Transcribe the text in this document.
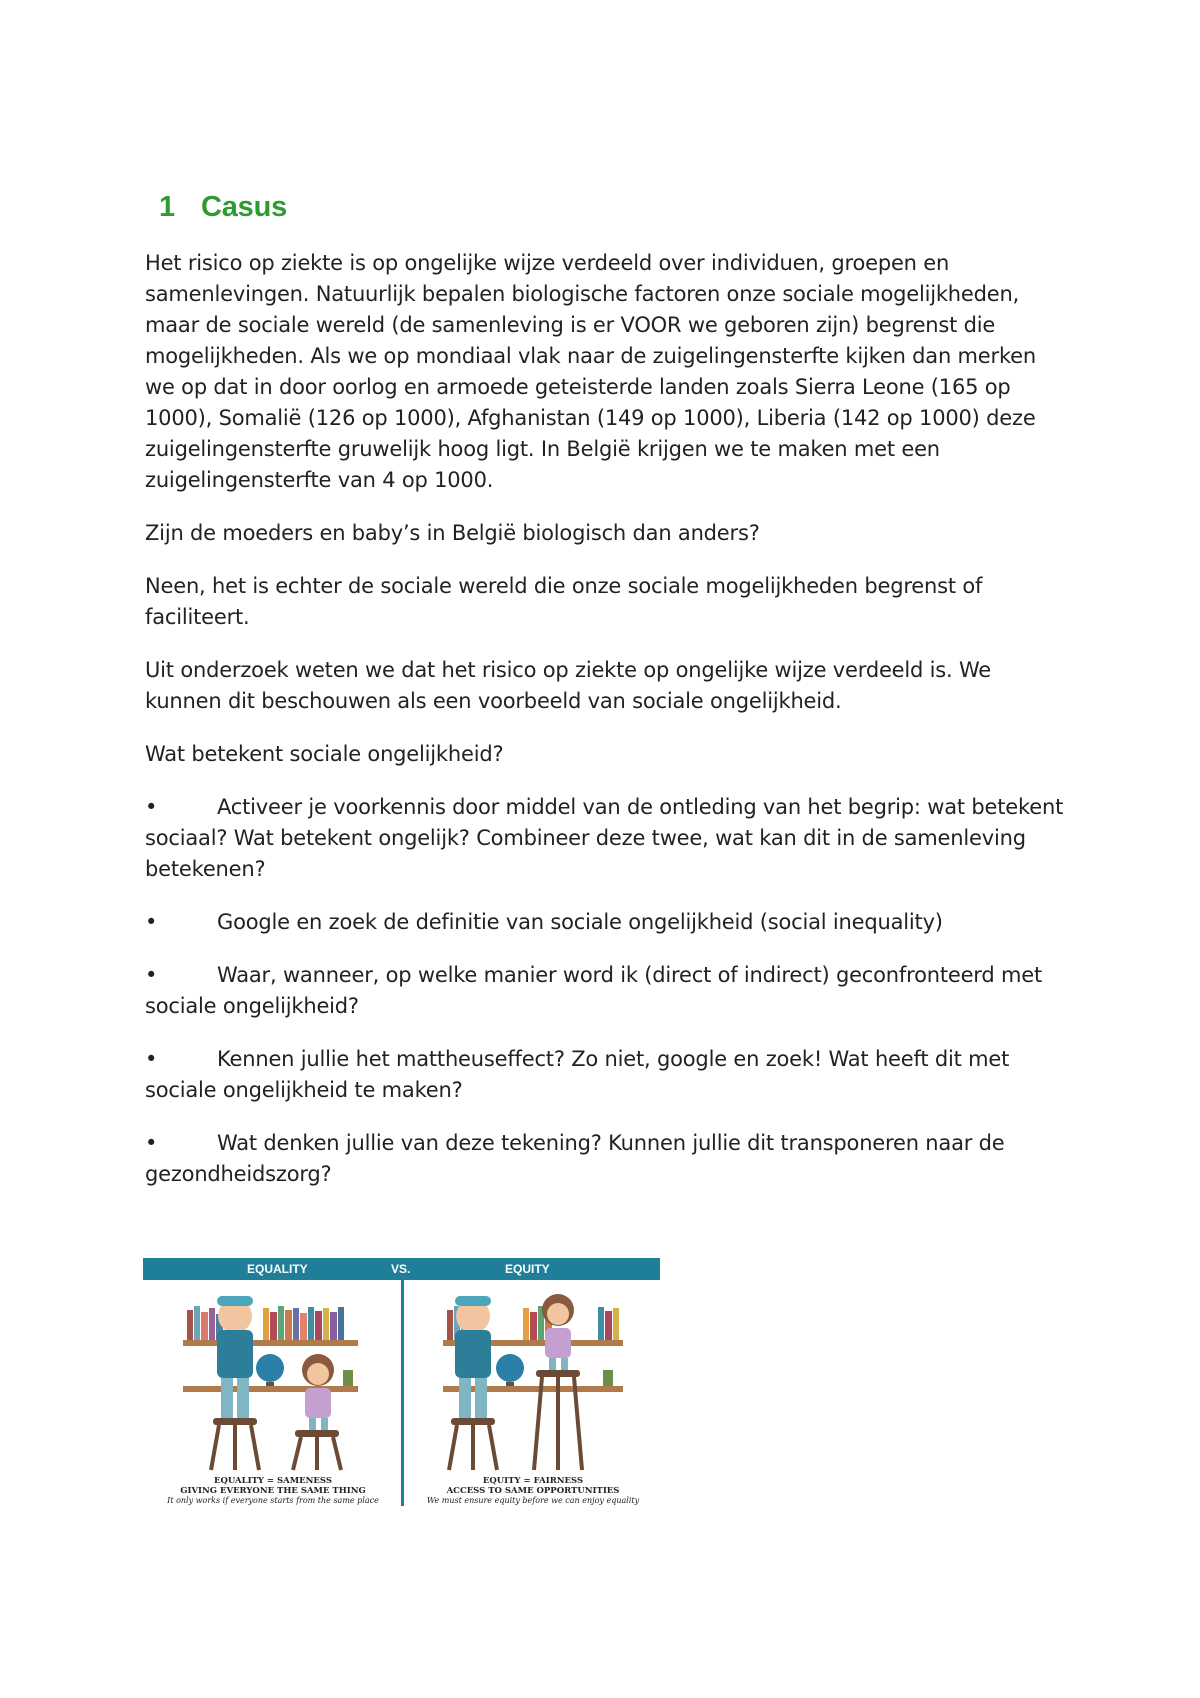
1 Casus

Het risico op ziekte is op ongelijke wijze verdeeld over individuen, groepen en samenlevingen. Natuurlijk bepalen biologische factoren onze sociale mogelijkheden, maar de sociale wereld (de samenleving is er VOOR we geboren zijn) begrenst die mogelijkheden. Als we op mondiaal vlak naar de zuigelingensterfte kijken dan merken we op dat in door oorlog en armoede geteisterde landen zoals Sierra Leone (165 op 1000), Somalië (126 op 1000), Afghanistan (149 op 1000), Liberia (142 op 1000) deze zuigelingensterfte gruwelijk hoog ligt. In België krijgen we te maken met een zuigelingensterfte van 4 op 1000.

Zijn de moeders en baby’s in België biologisch dan anders?

Neen, het is echter de sociale wereld die onze sociale mogelijkheden begrenst of faciliteert.

Uit onderzoek weten we dat het risico op ziekte op ongelijke wijze verdeeld is. We kunnen dit beschouwen als een voorbeeld van sociale ongelijkheid.

Wat betekent sociale ongelijkheid?

•	Activeer je voorkennis door middel van de ontleding van het begrip: wat betekent sociaal? Wat betekent ongelijk? Combineer deze twee, wat kan dit in de samenleving betekenen?

•	Google en zoek de definitie van sociale ongelijkheid (social inequality)

•	Waar, wanneer, op welke manier word ik (direct of indirect) geconfronteerd met sociale ongelijkheid?

•	Kennen jullie het mattheuseffect? Zo niet, google en zoek! Wat heeft dit met sociale ongelijkheid te maken?

•	Wat denken jullie van deze tekening? Kunnen jullie dit transponeren naar de gezondheidszorg?

EQUALITY	VS.	EQUITY
EQUALITY = SAMENESS
GIVING EVERYONE THE SAME THING
It only works if everyone starts from the same place
EQUITY = FAIRNESS
ACCESS TO SAME OPPORTUNITIES
We must ensure equity before we can enjoy equality
